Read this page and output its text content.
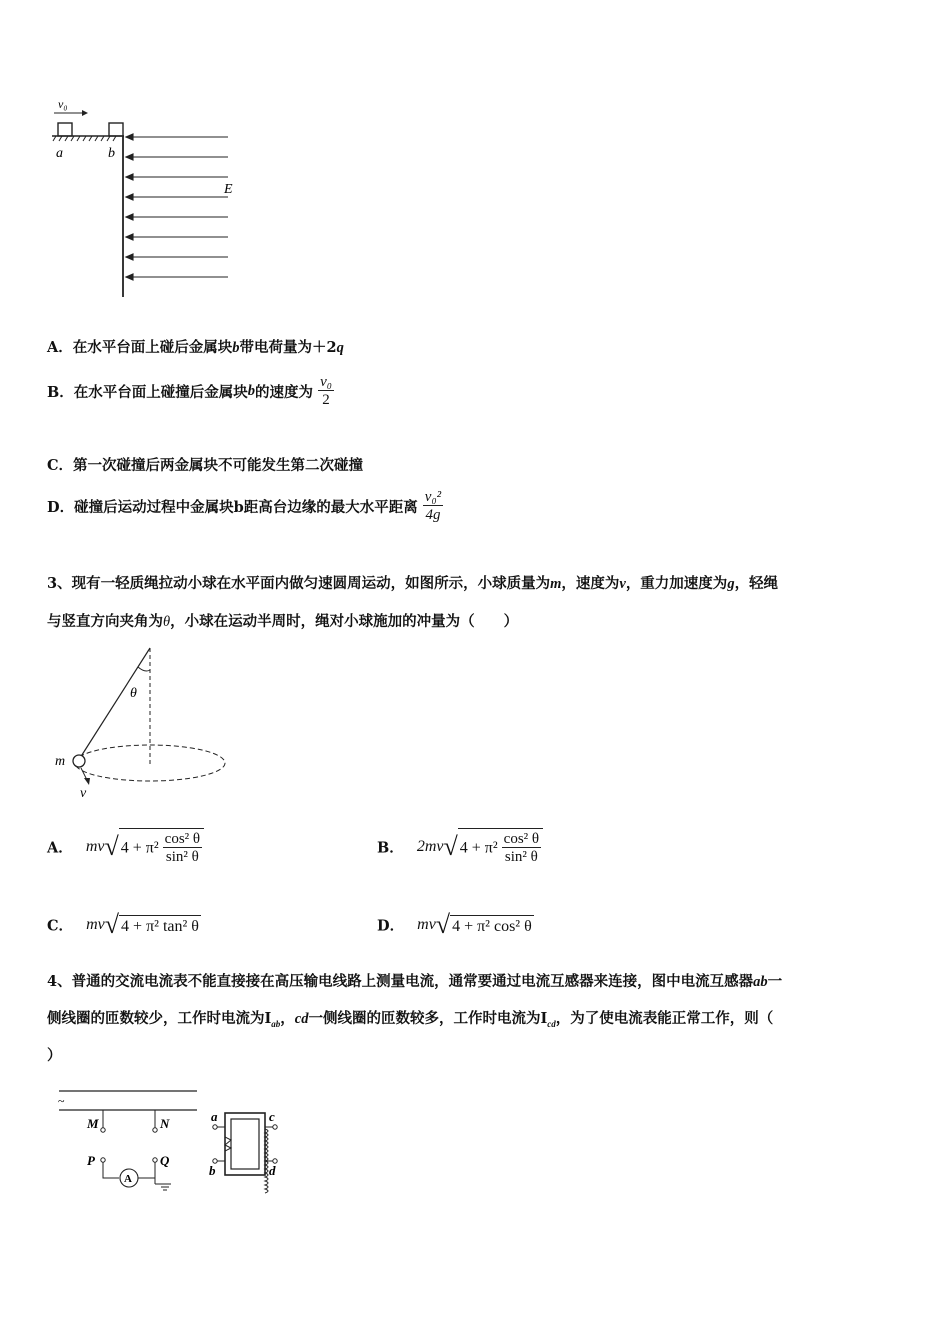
v₀
a	b
E
A．在水平台面上碰后金属块b带电荷量为＋2q
B．在水平台面上碰撞后金属块b的速度为 $\frac{\text{v₀}}{2}$
C．第一次碰撞后两金属块不可能发生第二次碰撞
D．碰撞后运动过程中金属块b距高台边缘的最大水平距离 $\frac{\text{v₀²}}{4g}$
3、现有一轻质绳拉动小球在水平面内做匀速圆周运动，如图所示，小球质量为m，速度为v，重力加速度为g，轻绳
与竖直方向夹角为θ，小球在运动半周时，绳对小球施加的冲量为（　　）
θ
m
v
A． mv√ $4 + \pi^2 \frac{\text{cos² θ}}{\text{sin² θ}}$	B． 2mv√ $4 + \pi^2 \frac{\text{cos² θ}}{\text{sin² θ}}$
C． mv√ 4 + π² tan² θ	D． mv√ 4 + π² cos² θ
4、普通的交流电流表不能直接接在高压输电线路上测量电流，通常要通过电流互感器来连接，图中电流互感器ab一
侧线圈的匝数较少，工作时电流为$I_{ab}$，cd一侧线圈的匝数较多，工作时电流为$I_{cd}$，为了使电流表能正常工作，则（
）
~
M	N
P
A
Q
a
b
c
d
